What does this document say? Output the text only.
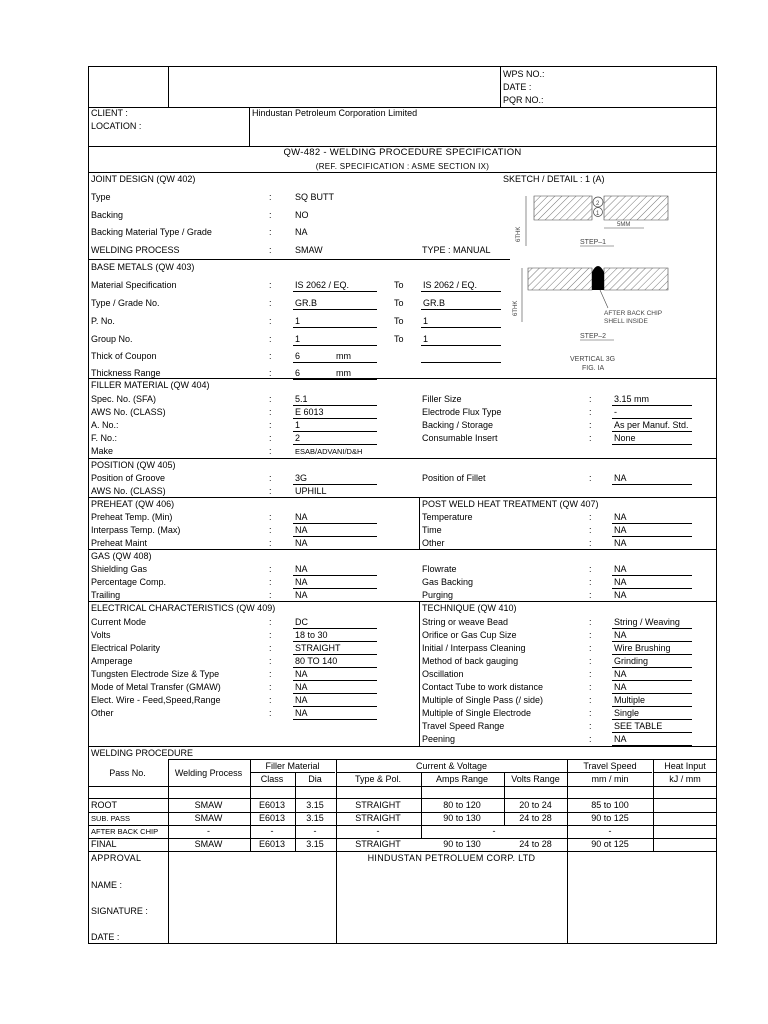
WPS NO.:
DATE :
PQR NO.:
CLIENT :
LOCATION :
Hindustan Petroleum Corporation Limited
QW-482 - WELDING PROCEDURE SPECIFICATION
(REF. SPECIFICATION : ASME SECTION IX)
JOINT DESIGN (QW 402)	SKETCH / DETAIL : 1 (A)
Type	:	SQ BUTT
Backing	:	NO
Backing Material Type / Grade	:	NA
WELDING PROCESS	:	SMAW	TYPE : MANUAL
2
1
6THK
5MM
STEP–1
6THK	AFTER BACK CHIP
SHELL INSIDE
STEP–2
VERTICAL 3G
FIG. IA
BASE METALS (QW 403)
Material Specification	:	IS 2062 / EQ.	To IS 2062 / EQ.
Type / Grade No.	:	GR.B	To GR.B
P. No.	:	1	To 1
Group No.	:	1	To 1
Thick of Coupon	:	6	mm
Thickness Range	:	6	mm
FILLER MATERIAL (QW 404)
Spec. No. (SFA)	:	5.1
AWS No. (CLASS)	:	E 6013
A. No.:	:	1
F. No.:	:	2
Make	:	ESAB/ADVANI/D&H
Filler Size	: 3.15 mm
Electrode Flux Type	: -
Backing / Storage	: As per Manuf. Std.
Consumable Insert	: None
POSITION (QW 405)
Position of Groove	:	3G
AWS No. (CLASS)	:	UPHILL
Position of Fillet	: NA
PREHEAT (QW 406)	POST WELD HEAT TREATMENT (QW 407)
Preheat Temp. (Min)	:	NA
Interpass Temp. (Max)	:	NA
Preheat Maint	:	NA
Temperature	: NA
Time	: NA
Other	: NA
GAS (QW 408)
Shielding Gas	:	NA
Percentage Comp.	:	NA
Trailing	:	NA
Flowrate	: NA
Gas Backing	: NA
Purging	: NA
ELECTRICAL CHARACTERISTICS (QW 409)	TECHNIQUE (QW 410)
Current Mode	:	DC
Volts	:	18 to 30
Electrical Polarity	:	STRAIGHT
Amperage	:	80 TO 140
Tungsten Electrode Size & Type	:	NA
Mode of Metal Transfer (GMAW)	:	NA
Elect. Wire - Feed,Speed,Range	:	NA
Other	:	NA
String or weave Bead	: String / Weaving
Orifice or Gas Cup Size	: NA
Initial / Interpass Cleaning	: Wire Brushing
Method of back gauging	: Grinding
Oscillation	: NA
Contact Tube to work distance	: NA
Multiple of Single Pass (/ side)	: Multiple
Multiple of Single Electrode	: Single
Travel Speed Range	: SEE TABLE
Peening	: NA
WELDING PROCEDURE
Pass No.	Welding Process
Filler Material	Current & Voltage	Travel Speed	Heat Input
Class	Dia	Type & Pol.	Amps Range	Volts Range	mm / min	kJ / mm
ROOT	SMAW	E6013	3.15	STRAIGHT	80 to 120	20 to 24	85 to 100
SUB. PASS	SMAW	E6013	3.15	STRAIGHT	90 to 130	24 to 28	90 to 125
AFTER BACK CHIP	-	-	-	-	-	-
FINAL	SMAW	E6013	3.15	STRAIGHT	90 to 130	24 to 28	90 ot 125
APPROVAL	HINDUSTAN PETROLUEM CORP. LTD
NAME :
SIGNATURE :
DATE :
